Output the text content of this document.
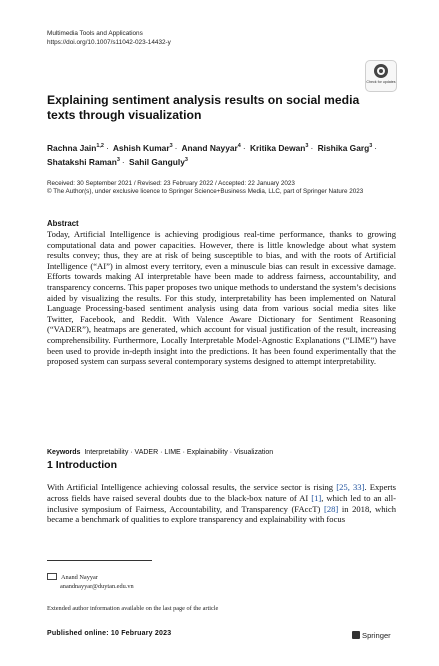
Multimedia Tools and Applications
https://doi.org/10.1007/s11042-023-14432-y
Check for updates
Explaining sentiment analysis results on social media texts through visualization
Rachna Jain$^{1,2}$ · Ashish Kumar$^3$ · Anand Nayyar$^4$ · Kritika Dewan$^3$ · Rishika Garg$^3$ ·
Shatakshi Raman$^3$ · Sahil Ganguly$^3$
Received: 30 September 2021 / Revised: 23 February 2022 / Accepted: 22 January 2023
© The Author(s), under exclusive licence to Springer Science+Business Media, LLC, part of Springer Nature 2023
Abstract
Today, Artificial Intelligence is achieving prodigious real-time performance, thanks to growing computational data and power capacities. However, there is little knowledge about what system results convey; thus, they are at risk of being susceptible to bias, and with the roots of Artificial Intelligence (“AI”) in almost every territory, even a minuscule bias can result in excessive damage. Efforts towards making AI interpretable have been made to address fairness, accountability, and transparency concerns. This paper proposes two unique methods to understand the system’s decisions aided by visualizing the results. For this study, interpretability has been implemented on Natural Language Processing-based sentiment analysis using data from various social media sites like Twitter, Facebook, and Reddit. With Valence Aware Dictionary for Sentiment Reasoning (“VADER”), heatmaps are generated, which account for visual justification of the result, increasing comprehensibility. Furthermore, Locally Interpretable Model-Agnostic Explanations (“LIME”) have been used to provide in-depth insight into the predictions. It has been found experimentally that the proposed system can surpass several contemporary systems designed to attempt interpretability.
Keywords Interpretability · VADER · LIME · Explainability · Visualization
1 Introduction
With Artificial Intelligence achieving colossal results, the service sector is rising [25, 33]. Experts across fields have raised several doubts due to the black-box nature of AI [1], which led to an all-inclusive symposium of Fairness, Accountability, and Transparency (FAccT) [28] in 2018, which became a benchmark of qualities to explore transparency and explainability with focus
Anand Nayyar
anandnayyar@duytan.edu.vn
Extended author information available on the last page of the article
Published online: 10 February 2023	Springer
